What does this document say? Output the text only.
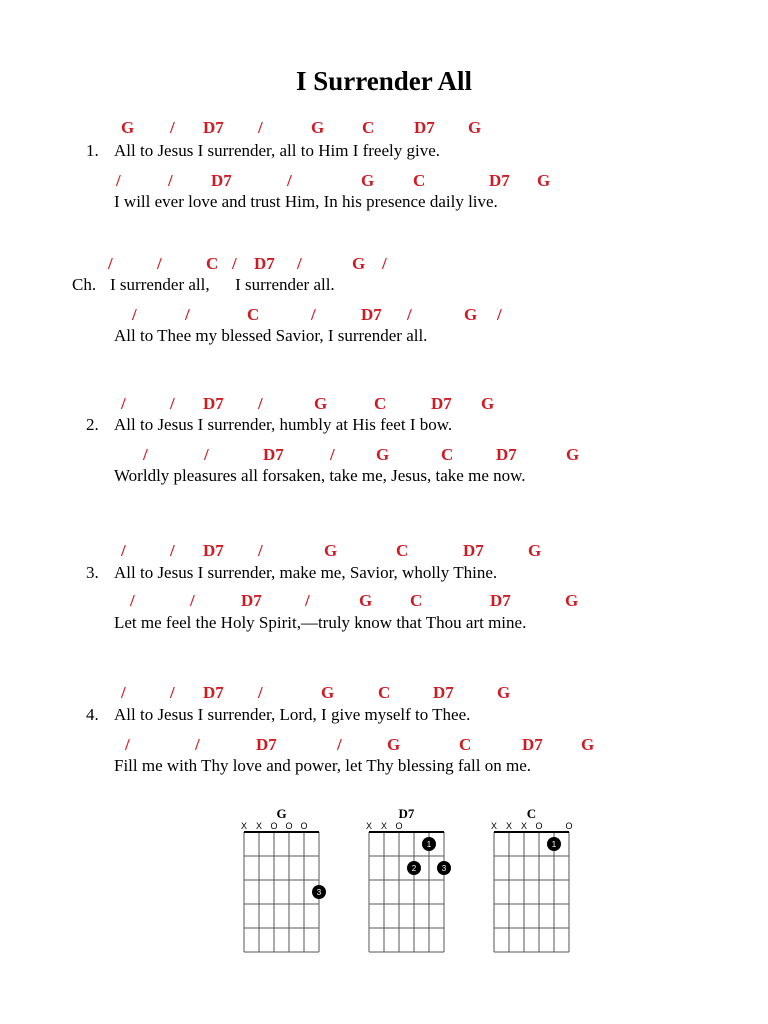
I Surrender All
G / D7 /	G C D7 G
1. All to Jesus I surrender, all to Him I freely give.
/	/ D7	/	G C	D7 G
I will ever love and trust Him, In his presence daily live.
/	/	C / D7 /	G /
Ch. I surrender all,      I surrender all.
/	/	C	/	D7 /	G /
All to Thee my blessed Savior, I surrender all.
/	/ D7 /	G	C	D7 G
2. All to Jesus I surrender, humbly at His feet I bow.
/	/	D7	/ G	C	D7	G
Worldly pleasures all forsaken, take me, Jesus, take me now.
/	/ D7 /	G	C	D7	G
3. All to Jesus I surrender, make me, Savior, wholly Thine.
/	/	D7	/	G C	D7	G
Let me feel the Holy Spirit,—truly know that Thou art mine.
/	/ D7 /	G	C	D7	G
4. All to Jesus I surrender, Lord, I give myself to Thee.
/	/	D7	/	G	C	D7 G
Fill me with Thy love and power, let Thy blessing fall on me.
G
X X O O O
3
D7
X X O
1
2	3
C
X X X O	O
1
